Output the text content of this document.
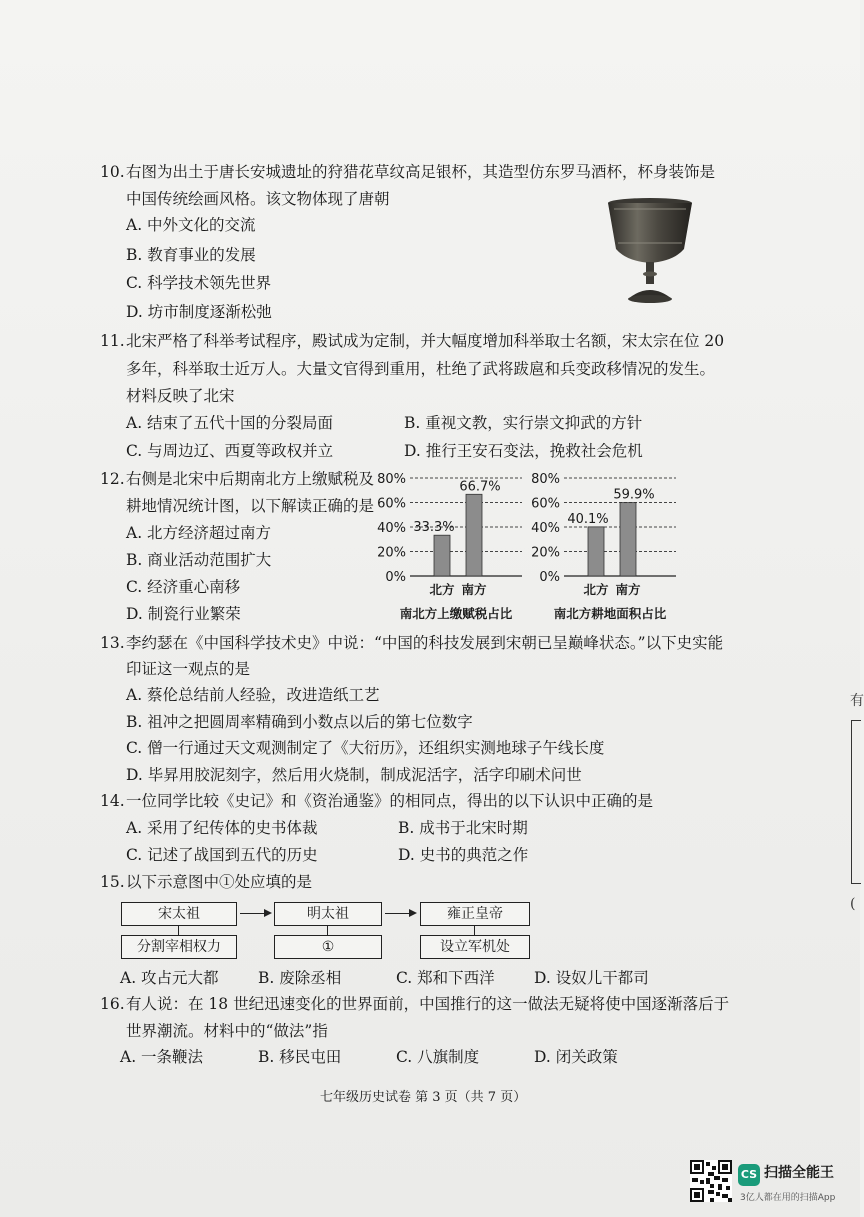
10.右图为出土于唐长安城遗址的狩猎花草纹高足银杯，其造型仿东罗马酒杯，杯身装饰是
中国传统绘画风格。该文物体现了唐朝
A. 中外文化的交流
B. 教育事业的发展
C. 科学技术领先世界
D. 坊市制度逐渐松弛
11.北宋严格了科举考试程序，殿试成为定制，并大幅度增加科举取士名额，宋太宗在位 20
多年，科举取士近万人。大量文官得到重用，杜绝了武将跋扈和兵变政移情况的发生。
材料反映了北宋
A. 结束了五代十国的分裂局面	B. 重视文教，实行崇文抑武的方针
C. 与周边辽、西夏等政权并立	D. 推行王安石变法，挽救社会危机
12.右侧是北宋中后期南北方上缴赋税及
耕地情况统计图，以下解读正确的是
A. 北方经济超过南方
B. 商业活动范围扩大
C. 经济重心南移
D. 制瓷行业繁荣
0%
20%
40%
60%
80%
33.3%
北方
66.7%
南方
南北方上缴赋税占比
0%
20%
40%
60%
80%
40.1%
北方
59.9%
南方
南北方耕地面积占比
13.李约瑟在《中国科学技术史》中说：“中国的科技发展到宋朝已呈巅峰状态。”以下史实能
印证这一观点的是
A. 蔡伦总结前人经验，改进造纸工艺
B. 祖冲之把圆周率精确到小数点以后的第七位数字
C. 僧一行通过天文观测制定了《大衍历》，还组织实测地球子午线长度
D. 毕昇用胶泥刻字，然后用火烧制，制成泥活字，活字印刷术问世
14.一位同学比较《史记》和《资治通鉴》的相同点，得出的以下认识中正确的是
A. 采用了纪传体的史书体裁	B. 成书于北宋时期
C. 记述了战国到五代的历史	D. 史书的典范之作
15.以下示意图中①处应填的是
宋太祖
分割宰相权力
明太祖
①
雍正皇帝
设立军机处
A. 攻占元大都	B. 废除丞相	C. 郑和下西洋	D. 设奴儿干都司
16.有人说：在 18 世纪迅速变化的世界面前，中国推行的这一做法无疑将使中国逐渐落后于
世界潮流。材料中的“做法”指
A. 一条鞭法	B. 移民屯田	C. 八旗制度	D. 闭关政策
七年级历史试卷 第 3 页（共 7 页）
有
(
CS 扫描全能王
3亿人都在用的扫描App
